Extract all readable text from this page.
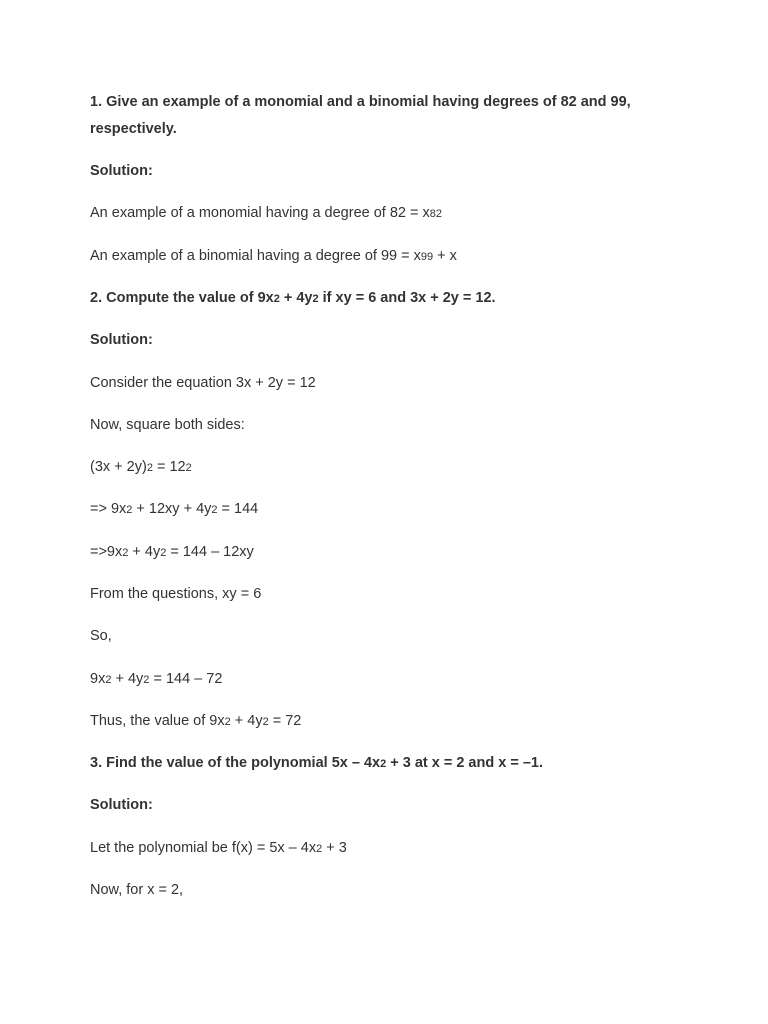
1. Give an example of a monomial and a binomial having degrees of 82 and 99,
respectively.
Solution:
An example of a monomial having a degree of 82 = x82
An example of a binomial having a degree of 99 = x99 + x
2. Compute the value of 9x2 + 4y2 if xy = 6 and 3x + 2y = 12.
Solution:
Consider the equation 3x + 2y = 12
Now, square both sides:
(3x + 2y)2 = 122
=> 9x2 + 12xy + 4y2 = 144
=>9x2 + 4y2 = 144 – 12xy
From the questions, xy = 6
So,
9x2 + 4y2 = 144 – 72
Thus, the value of 9x2 + 4y2 = 72
3. Find the value of the polynomial 5x – 4x2 + 3 at x = 2 and x = –1.
Solution:
Let the polynomial be f(x) = 5x – 4x2 + 3
Now, for x = 2,
